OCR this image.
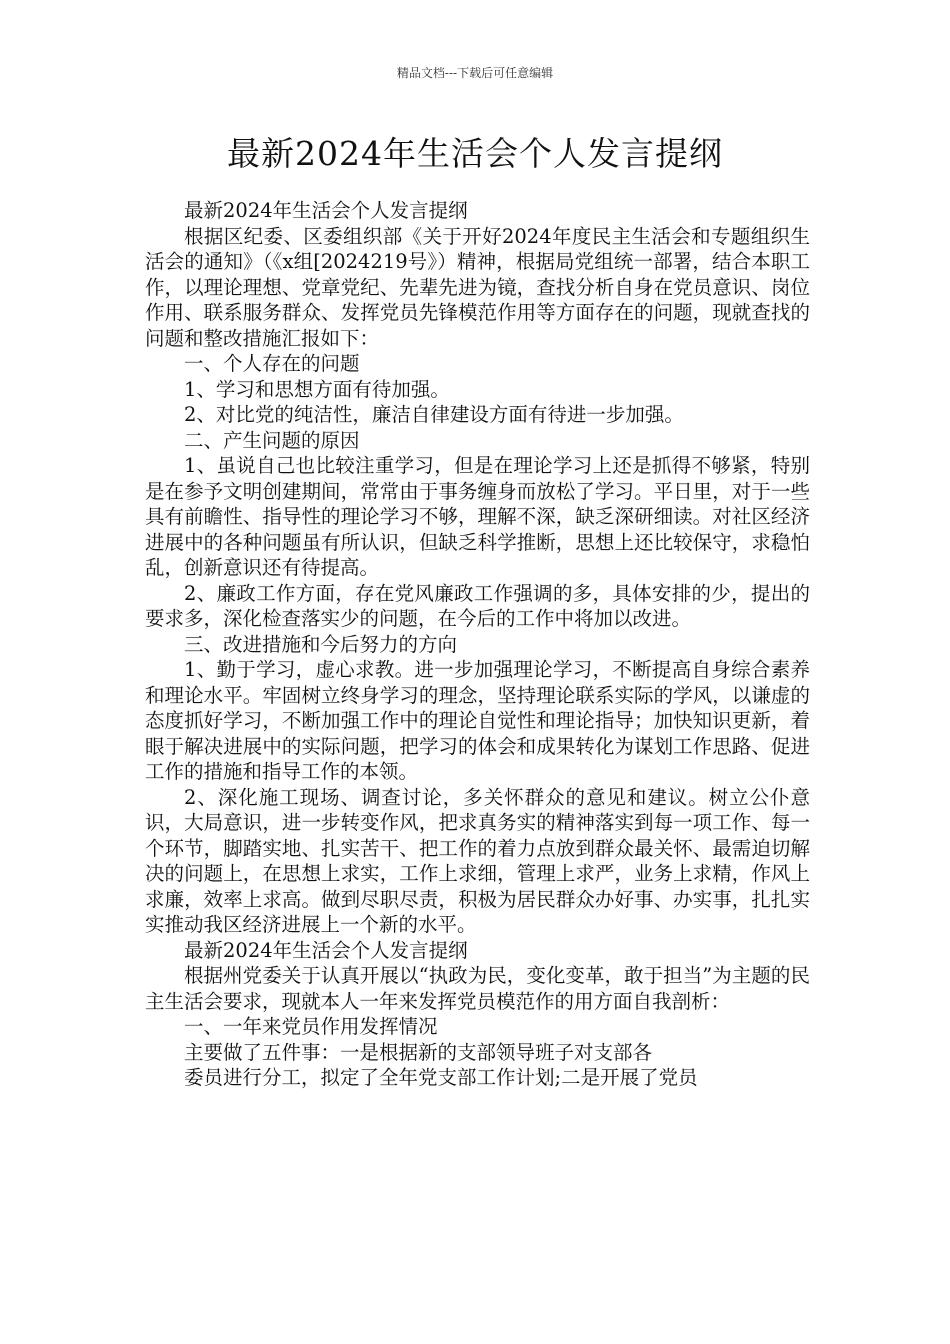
精品文档---下载后可任意编辑
最新2024年生活会个人发言提纲

最新2024年生活会个人发言提纲

根据区纪委、区委组织部《关于开好2024年度民主生活会和专题组织生活会的通知》（《x组[2024219号》）精神，根据局党组统一部署，结合本职工作，以理论理想、党章党纪、先辈先进为镜，查找分析自身在党员意识、岗位作用、联系服务群众、发挥党员先锋模范作用等方面存在的问题，现就查找的问题和整改措施汇报如下：

一、个人存在的问题

1、学习和思想方面有待加强。

2、对比党的纯洁性，廉洁自律建设方面有待进一步加强。

二、产生问题的原因

1、虽说自己也比较注重学习，但是在理论学习上还是抓得不够紧，特别是在参予文明创建期间，常常由于事务缠身而放松了学习。平日里，对于一些具有前瞻性、指导性的理论学习不够，理解不深，缺乏深研细读。对社区经济进展中的各种问题虽有所认识，但缺乏科学推断，思想上还比较保守，求稳怕乱，创新意识还有待提高。

2、廉政工作方面，存在党风廉政工作强调的多，具体安排的少，提出的要求多，深化检查落实少的问题，在今后的工作中将加以改进。

三、改进措施和今后努力的方向

1、勤于学习，虚心求教。进一步加强理论学习，不断提高自身综合素养和理论水平。牢固树立终身学习的理念，坚持理论联系实际的学风，以谦虚的态度抓好学习，不断加强工作中的理论自觉性和理论指导；加快知识更新，着眼于解决进展中的实际问题，把学习的体会和成果转化为谋划工作思路、促进工作的措施和指导工作的本领。

2、深化施工现场、调查讨论，多关怀群众的意见和建议。树立公仆意识，大局意识，进一步转变作风，把求真务实的精神落实到每一项工作、每一个环节，脚踏实地、扎实苦干、把工作的着力点放到群众最关怀、最需迫切解决的问题上，在思想上求实，工作上求细，管理上求严，业务上求精，作风上求廉，效率上求高。做到尽职尽责，积极为居民群众办好事、办实事，扎扎实实推动我区经济进展上一个新的水平。

最新2024年生活会个人发言提纲

根据州党委关于认真开展以“执政为民，变化变革，敢于担当”为主题的民主生活会要求，现就本人一年来发挥党员模范作的用方面自我剖析：

一、一年来党员作用发挥情况

主要做了五件事：一是根据新的支部领导班子对支部各

委员进行分工，拟定了全年党支部工作计划;二是开展了党员
